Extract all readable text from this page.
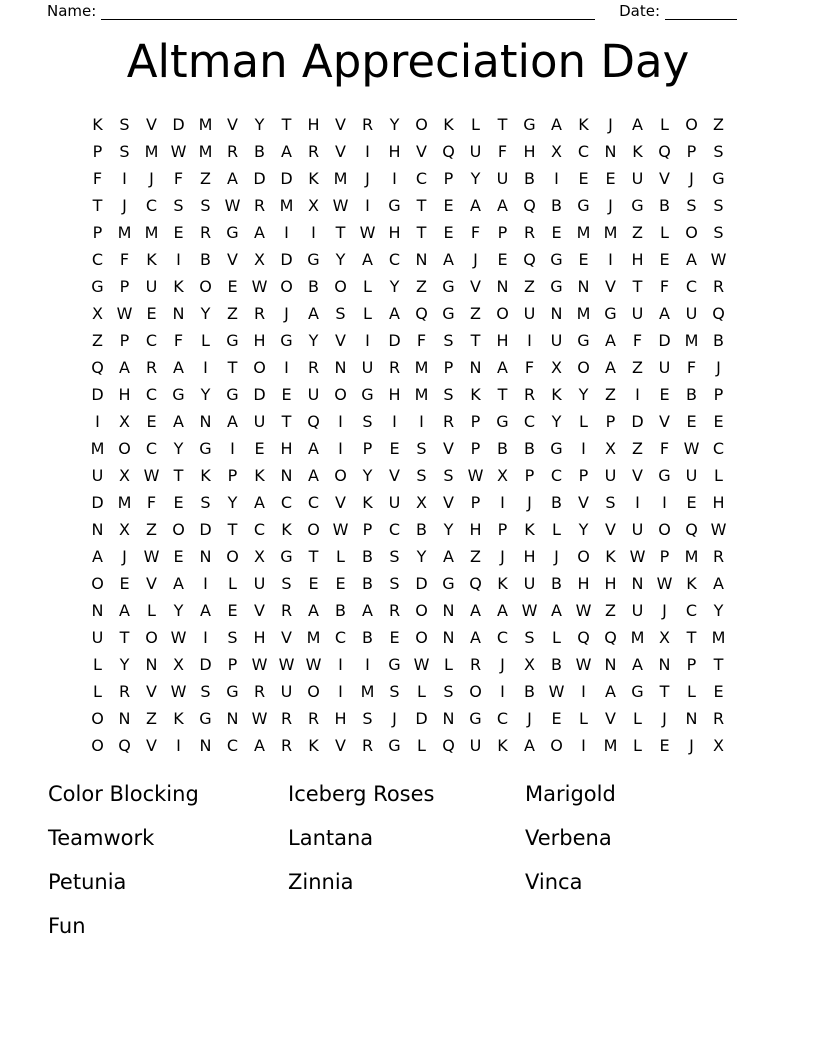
Name:	Date:
Altman Appreciation Day
K	S	V D M V	Y	T	H V R	Y O K	L	T G A	K	J	A	L	O Z
P	S M W M R B	A R V	I	H V Q U	F	H X C N K Q P	S
F	I	J	F	Z	A D D K M	J	I	C	P	Y	U B	I	E	E	U V	J	G
T	J	C	S	S W R M X W	I	G T	E	A	A Q B G	J	G B	S	S
P M M E	R G A	I	I	T W H	T	E	F	P	R	E M M Z	L	O S
C	F	K	I	B	V	X D G Y	A C N A	J	E Q G E	I	H E	A W
G P	U K O E W O B O	L	Y	Z G V N Z G N V	T	F	C R
X W E N	Y	Z R	J	A	S	L	A Q G Z O U N M G U A U Q
Z	P	C	F	L	G H G Y	V	I	D	F	S	T	H	I	U G A	F	D M B
Q A R A	I	T O	I	R N U R M P	N A	F	X O A	Z U	F	J
D H C G Y G D E	U O G H M S	K	T	R	K	Y	Z	I	E	B	P
I	X	E	A N A U	T Q	I	S	I	I	R	P G C	Y	L	P	D V	E	E
M O C	Y G	I	E H A	I	P	E	S	V	P	B	B G	I	X	Z	F W C
U X W T	K	P	K N A O Y	V	S	S W X	P	C	P	U V G U	L
D M F	E	S	Y	A C C V	K U X	V	P	I	J	B	V	S	I	I	E H
N X	Z O D T	C	K O W P	C B	Y	H	P	K	L	Y	V U O Q W
A	J	W E N O X G T	L	B	S	Y	A	Z	J	H	J	O K W P M R
O E	V	A	I	L	U	S	E	E	B	S D G Q K U B H H N W K	A
N A	L	Y	A	E	V R A	B	A R O N A	A W A W Z U	J	C	Y
U	T O W	I	S H V M C B	E O N A C	S	L	Q Q M X	T M
L	Y	N X D	P W W W	I	I	G W L	R	J	X	B W N A N	P	T
L	R V W S G R U O	I	M S	L	S O	I	B W	I	A G T	L	E
O N Z	K G N W R R H S	J	D N G C	J	E	L	V	L	J	N R
O Q V	I	N C A R	K	V R G	L	Q U K	A O	I	M L	E	J	X
Color Blocking	Iceberg Roses	Marigold
Teamwork	Lantana	Verbena
Petunia	Zinnia	Vinca
Fun
